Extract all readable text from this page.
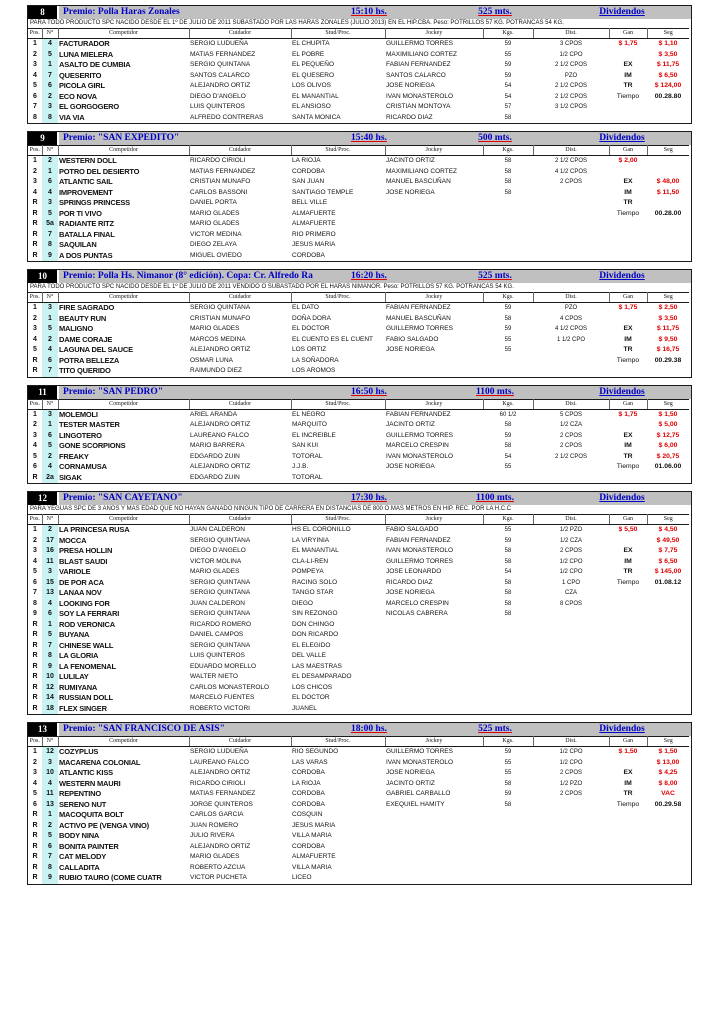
8	Premio: Polla Haras Zonales	15:10 hs.	525 mts.	Dividendos
PARA TODO PRODUCTO SPC NACIDO DESDE EL 1º DE JULIO DE 2011 SUBASTADO POR LAS HARAS ZONALES (JULIO 2013) EN EL HIP.CBA. Peso: POTRILLOS 57 KG. POTRANCAS 54 KG.
Pos.	N°	Competidor	Cuidador	Stud/Proc.	Jockey	Kgs.	Dist.	Gan	Seg
1	4	FACTURADOR	SERGIO LUDUEÑA	EL CHUPITA	GUILLERMO TORRES	59	3 CPOS	$ 1,75	$ 1,10
2	5	LUNA MIELERA	MATIAS FERNANDEZ	EL POBRE	MAXIMILIANO CORTEZ	55	1/2 CPO		$ 3,50
3	1	ASALTO DE CUMBIA	SERGIO QUINTANA	EL PEQUEÑO	FABIAN FERNANDEZ	59	2 1/2 CPOS	EX	$ 11,75
4	7	QUESERITO	SANTOS CALARCO	EL QUESERO	SANTOS CALARCO	59	PZO	IM	$ 6,50
5	6	PICOLA GIRL	ALEJANDRO ORTIZ	LOS OLIVOS	JOSE NORIEGA	54	2 1/2 CPOS	TR	$ 124,00
6	2	ECO NOVA	DIEGO D'ANGELO	EL MANANTIAL	IVAN MONASTEROLO	54	2 1/2 CPOS	Tiempo	00.28.80
7	3	EL GORGOGERO	LUIS QUINTEROS	EL ANSIOSO	CRISTIAN MONTOYA	57	3 1/2 CPOS		
8	8	VIA VIA	ALFREDO CONTRERAS	SANTA MONICA	RICARDO DIAZ	58			
9	Premio: "SAN EXPEDITO"	15:40 hs.	500 mts.	Dividendos
Pos.	N°	Competidor	Cuidador	Stud/Proc.	Jockey	Kgs.	Dist.	Gan	Seg
1	2	WESTERN DOLL	RICARDO CIRIOLI	LA RIOJA	JACINTO ORTIZ	58	2 1/2 CPOS	$ 2,00	
2	1	POTRO DEL DESIERTO	MATIAS FERNANDEZ	CORDOBA	MAXIMILIANO CORTEZ	58	4 1/2 CPOS		
3	6	ATLANTIC SAIL	CRISTIAN MUNAFO	SAN JUAN	MANUEL BASCUÑAN	58	2 CPOS	EX	$ 48,00
4	4	IMPROVEMENT	CARLOS BASSONI	SANTIAGO TEMPLE	JOSE NORIEGA	58		IM	$ 11,50
R	3	SPRINGS PRINCESS	DANIEL PORTA	BELL VILLE				TR	
R	5	POR TI VIVO	MARIO GLADES	ALMAFUERTE				Tiempo	00.28.00
R	5a	RADIANTE RITZ	MARIO GLADES	ALMAFUERTE					
R	7	BATALLA FINAL	VICTOR MEDINA	RIO PRIMERO					
R	8	SAQUILAN	DIEGO ZELAYA	JESUS MARIA					
R	9	A DOS PUNTAS	MIGUEL OVIEDO	CORDOBA					
10	Premio: Polla Hs. Nimanor (8° edición). Copa: Cr. Alfredo Ra	16:20 hs.	525 mts.	Dividendos
PARA TODO PRODUCTO SPC NACIDO DESDE EL 1º DE JULIO DE 2011 VENDIDO O SUBASTADO POR EL HARAS NIMANOR. Peso: POTRILLOS 57 KG. POTRANCAS 54 KG.
Pos.	N°	Competidor	Cuidador	Stud/Proc.	Jockey	Kgs.	Dist.	Gan	Seg
1	3	FIRE SAGRADO	SERGIO QUINTANA	EL DATO	FABIAN FERNANDEZ	59	PZO	$ 1,75	$ 2,50
2	1	BEAUTY RUN	CRISTIAN MUNAFO	DOÑA DORA	MANUEL BASCUÑAN	58	4 CPOS		$ 3,50
3	5	MALIGNO	MARIO GLADES	EL DOCTOR	GUILLERMO TORRES	59	4 1/2 CPOS	EX	$ 11,75
4	2	DAME CORAJE	MARCOS MEDINA	EL CUENTO ES EL CUENT	FABIO SALGADO	55	1 1/2 CPO	IM	$ 9,50
5	4	LAGUNA DEL SAUCE	ALEJANDRO ORTIZ	LOS ORTIZ	JOSE NORIEGA	55		TR	$ 16,75
R	6	POTRA BELLEZA	OSMAR LUNA	LA SOÑADORA				Tiempo	00.29.38
R	7	TITO QUERIDO	RAIMUNDO DIEZ	LOS AROMOS					
11	Premio: "SAN PEDRO"	16:50 hs.	1100 mts.	Dividendos
Pos.	N°	Competidor	Cuidador	Stud/Proc.	Jockey	Kgs.	Dist.	Gan	Seg
1	3	MOLEMOLI	ARIEL ARANDA	EL NEGRO	FABIAN FERNANDEZ	60 1/2	5 CPOS	$ 1,75	$ 1,50
2	1	TESTER MASTER	ALEJANDRO ORTIZ	MARQUITO	JACINTO ORTIZ	58	1/2 CZA		$ 5,00
3	6	LINGOTERO	LAUREANO FALCO	EL INCREIBLE	GUILLERMO TORRES	59	2 CPOS	EX	$ 12,75
4	5	GONE SCORPIONS	MARIO BARRERA	SAN KUI	MARCELO CRESPIN	58	2 CPOS	IM	$ 6,00
5	2	FREAKY	EDGARDO ZUIN	TOTORAL	IVAN MONASTEROLO	54	2 1/2 CPOS	TR	$ 20,75
6	4	CORNAMUSA	ALEJANDRO ORTIZ	J.J.B.	JOSE NORIEGA	55		Tiempo	01.06.00
R	2a	SIGAK	EDGARDO ZUIN	TOTORAL					
12	Premio: "SAN CAYETANO"	17:30 hs.	1100 mts.	Dividendos
PARA YEGUAS SPC DE 3 AÑOS Y MAS EDAD QUE NO HAYAN GANADO NINGUN TIPO DE CARRERA EN DISTANCIAS DE 800 O MAS METROS EN HIP. REC. POR LA H.C.C
Pos.	N°	Competidor	Cuidador	Stud/Proc.	Jockey	Kgs.	Dist.	Gan	Seg
1	2	LA PRINCESA RUSA	JUAN CALDERON	HS EL CORONILLO	FABIO SALGADO	55	1/2 PZO	$ 5,50	$ 4,50
2	17	MOCCA	SERGIO QUINTANA	LA VIRYINIA	FABIAN FERNANDEZ	59	1/2 CZA		$ 49,50
3	16	PRESA HOLLIN	DIEGO D'ANGELO	EL MANANTIAL	IVAN MONASTEROLO	58	2 CPOS	EX	$ 7,75
4	11	BLAST SAUDI	VICTOR MOLINA	CLA-LI-REN	GUILLERMO TORRES	58	1/2 CPO	IM	$ 6,50
5	3	VARIOLE	MARIO GLADES	POMPEYA	JOSE LEONARDO	54	1/2 CPO	TR	$ 145,00
6	15	DE POR ACA	SERGIO QUINTANA	RACING SOLO	RICARDO DIAZ	58	1 CPO	Tiempo	01.08.12
7	13	LANAA NOV	SERGIO QUINTANA	TANGO STAR	JOSE NORIEGA	58	CZA		
8	4	LOOKING FOR	JUAN CALDERON	DIEGO	MARCELO CRESPIN	58	8 CPOS		
9	6	SOY LA FERRARI	SERGIO QUINTANA	SIN REZONGO	NICOLAS CABRERA	58			
R	1	ROD VERONICA	RICARDO ROMERO	DON CHINGO					
R	5	BUYANA	DANIEL CAMPOS	DON RICARDO					
R	7	CHINESE WALL	SERGIO QUINTANA	EL ELEGIDO					
R	8	LA GLORIA	LUIS QUINTEROS	DEL VALLE					
R	9	LA FENOMENAL	EDUARDO MORELLO	LAS MAESTRAS					
R	10	LULILAY	WALTER NIETO	EL DESAMPARADO					
R	12	RUMIYANA	CARLOS MONASTEROLO	LOS CHICOS					
R	14	RUSSIAN DOLL	MARCELO FUENTES	EL DOCTOR					
R	18	FLEX SINGER	ROBERTO VICTORI	JUANEL					
13	Premio: "SAN FRANCISCO DE ASIS"	18:00 hs.	525 mts.	Dividendos
Pos.	N°	Competidor	Cuidador	Stud/Proc.	Jockey	Kgs.	Dist.	Gan	Seg
1	12	COZYPLUS	SERGIO LUDUEÑA	RIO SEGUNDO	GUILLERMO TORRES	59	1/2 CPO	$ 1,50	$ 1,50
2	3	MACARENA COLONIAL	LAUREANO FALCO	LAS VARAS	IVAN MONASTEROLO	55	1/2 CPO		$ 13,00
3	10	ATLANTIC KISS	ALEJANDRO ORTIZ	CORDOBA	JOSE NORIEGA	55	2 CPOS	EX	$ 4,25
4	4	WESTERN MAURI	RICARDO CIRIOLI	LA RIOJA	JACINTO ORTIZ	58	1/2 PZO	IM	$ 8,00
5	11	REPENTINO	MATIAS FERNANDEZ	CORDOBA	GABRIEL CARBALLO	59	2 CPOS	TR	VAC
6	13	SERENO NUT	JORGE QUINTEROS	CORDOBA	EXEQUIEL HAMITY	58		Tiempo	00.29.58
R	1	MACOQUITA BOLT	CARLOS GARCIA	COSQUIN					
R	2	ACTIVO PE (VENGA VINO)	JUAN ROMERO	JESUS MARIA					
R	5	BODY NINA	JULIO RIVERA	VILLA MARIA					
R	6	BONITA PAINTER	ALEJANDRO ORTIZ	CORDOBA					
R	7	CAT MELODY	MARIO GLADES	ALMAFUERTE					
R	8	CALLADITA	ROBERTO AZCUA	VILLA MARIA					
R	9	RUBIO TAURO (COME CUATR	VICTOR PUCHETA	LICEO					
